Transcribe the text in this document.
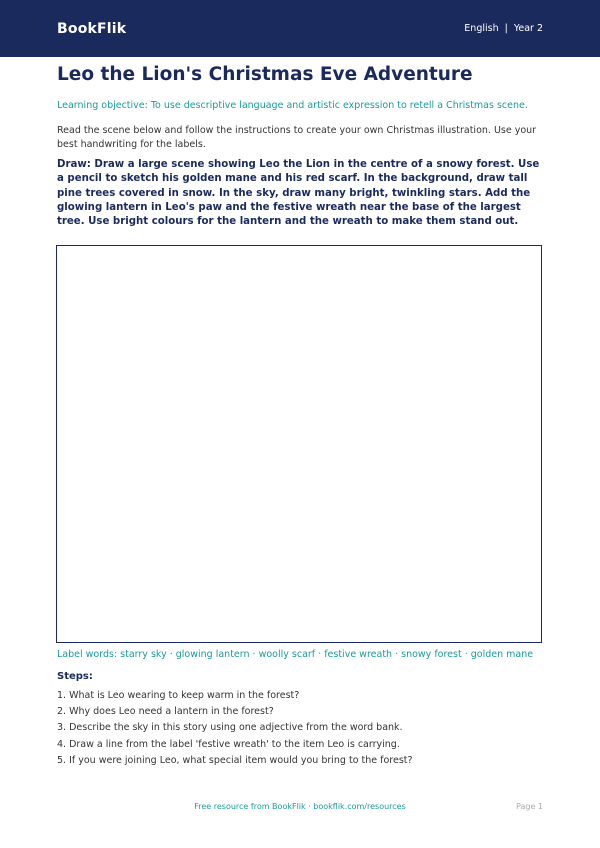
BookFlik	English | Year 2
Leo the Lion's Christmas Eve Adventure
Learning objective: To use descriptive language and artistic expression to retell a Christmas scene.
Read the scene below and follow the instructions to create your own Christmas illustration. Use your best handwriting for the labels.
Draw: Draw a large scene showing Leo the Lion in the centre of a snowy forest. Use a pencil to sketch his golden mane and his red scarf. In the background, draw tall pine trees covered in snow. In the sky, draw many bright, twinkling stars. Add the glowing lantern in Leo's paw and the festive wreath near the base of the largest tree. Use bright colours for the lantern and the wreath to make them stand out.
Label words: starry sky · glowing lantern · woolly scarf · festive wreath · snowy forest · golden mane
Steps:
1. What is Leo wearing to keep warm in the forest?
2. Why does Leo need a lantern in the forest?
3. Describe the sky in this story using one adjective from the word bank.
4. Draw a line from the label 'festive wreath' to the item Leo is carrying.
5. If you were joining Leo, what special item would you bring to the forest?
Free resource from BookFlik · bookflik.com/resources	Page 1
